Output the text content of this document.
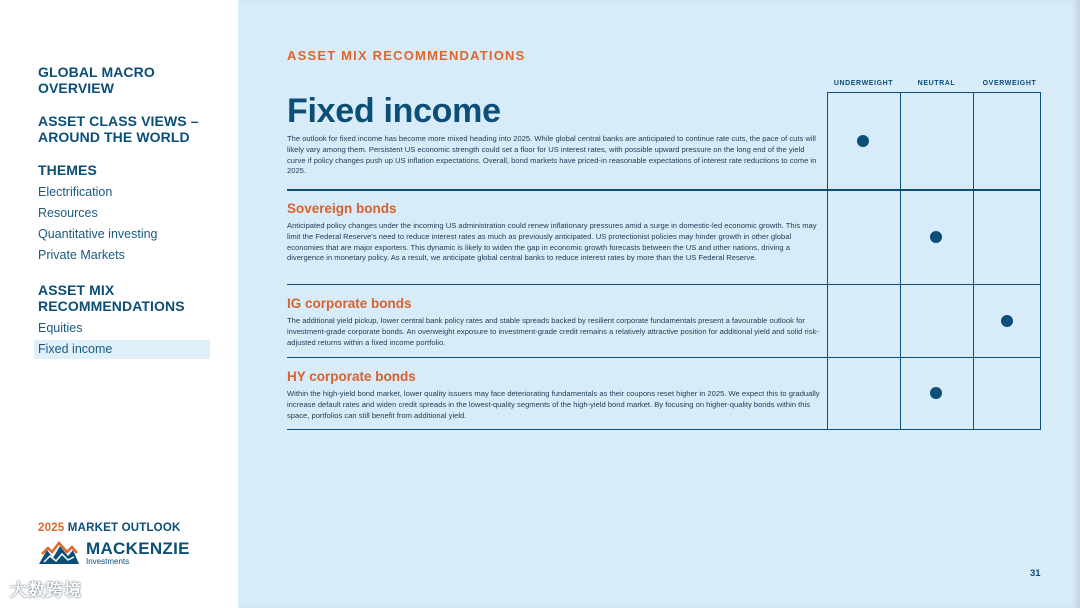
GLOBAL MACRO OVERVIEW
ASSET CLASS VIEWS – AROUND THE WORLD
THEMES
Electrification
Resources
Quantitative investing
Private Markets
ASSET MIX RECOMMENDATIONS
Equities
Fixed income
2025 MARKET OUTLOOK
MACKENZIE
Investments
大数跨境
ASSET MIX RECOMMENDATIONS
UNDERWEIGHT	NEUTRAL	OVERWEIGHT
Fixed income

The outlook for fixed income has become more mixed heading into 2025. While global central banks are anticipated to continue rate cuts, the pace of cuts will likely vary among them. Persistent US economic strength could set a floor for US interest rates, with possible upward pressure on the long end of the yield curve if policy changes push up US inflation expectations. Overall, bond markets have priced-in reasonable expectations of interest rate reductions to come in 2025.

Sovereign bonds

Anticipated policy changes under the incoming US administration could renew inflationary pressures amid a surge in domestic-led economic growth. This may limit the Federal Reserve's need to reduce interest rates as much as previously anticipated. US protectionist policies may hinder growth in other global economies that are major exporters. This dynamic is likely to widen the gap in economic growth forecasts between the US and other nations, driving a divergence in monetary policy. As a result, we anticipate global central banks to reduce interest rates by more than the US Federal Reserve.

IG corporate bonds

The additional yield pickup, lower central bank policy rates and stable spreads backed by resilient corporate fundamentals present a favourable outlook for investment-grade corporate bonds. An overweight exposure to investment-grade credit remains a relatively attractive position for additional yield and solid risk-adjusted returns within a fixed income portfolio.

HY corporate bonds

Within the high-yield bond market, lower quality issuers may face deteriorating fundamentals as their coupons reset higher in 2025. We expect this to gradually increase default rates and widen credit spreads in the lowest-quality segments of the high-yield bond market. By focusing on higher-quality bonds within this space, portfolios can still benefit from additional yield.

31
